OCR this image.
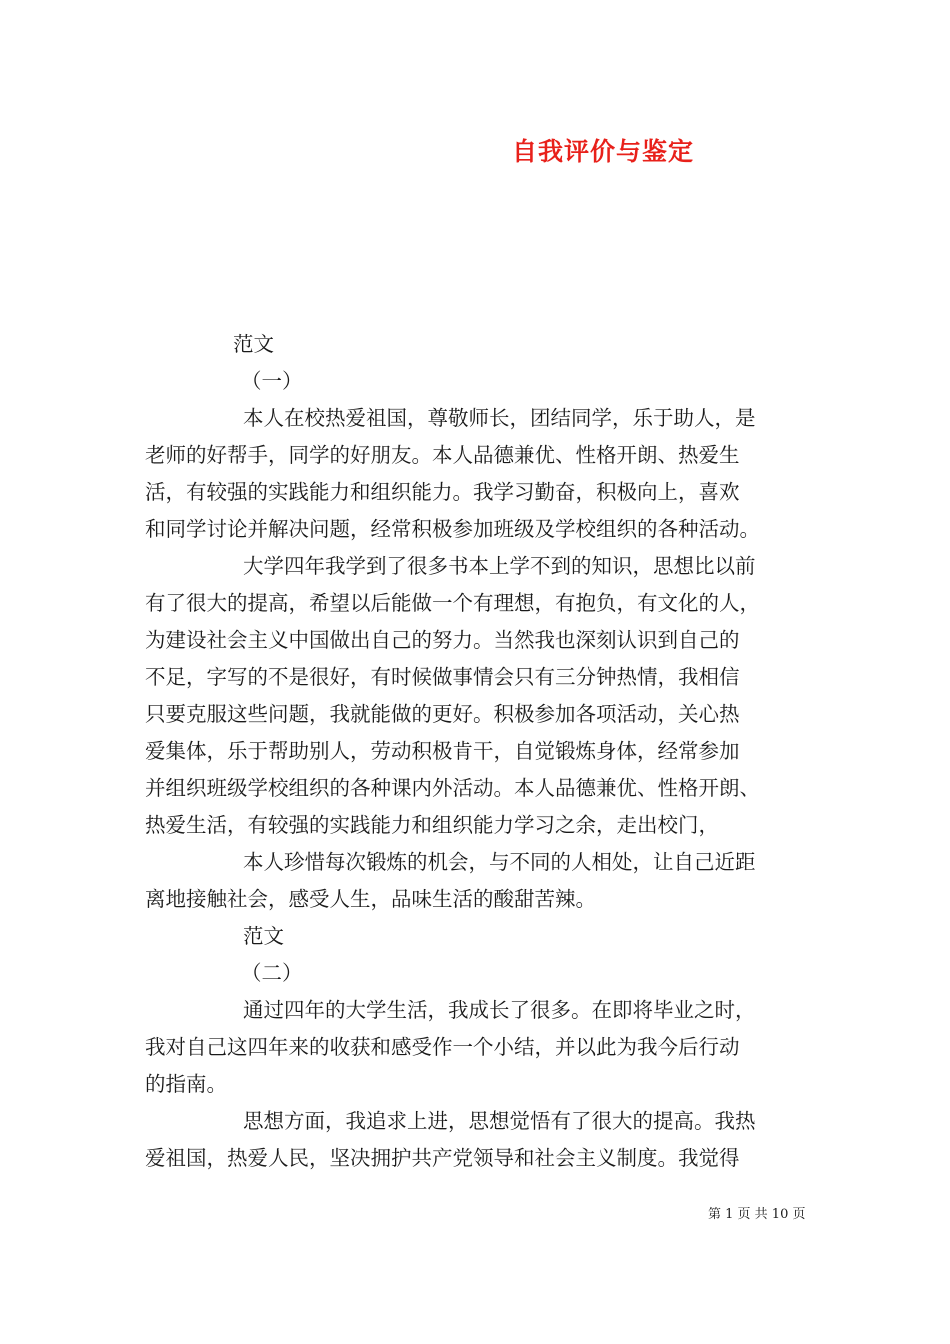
自我评价与鉴定
范文
（一）
本人在校热爱祖国，尊敬师长，团结同学，乐于助人，是
老师的好帮手，同学的好朋友。本人品德兼优、性格开朗、热爱生
活，有较强的实践能力和组织能力。我学习勤奋，积极向上，喜欢
和同学讨论并解决问题，经常积极参加班级及学校组织的各种活动。
大学四年我学到了很多书本上学不到的知识，思想比以前
有了很大的提高，希望以后能做一个有理想，有抱负，有文化的人，
为建设社会主义中国做出自己的努力。当然我也深刻认识到自己的
不足，字写的不是很好，有时候做事情会只有三分钟热情，我相信
只要克服这些问题，我就能做的更好。积极参加各项活动，关心热
爱集体，乐于帮助别人，劳动积极肯干，自觉锻炼身体，经常参加
并组织班级学校组织的各种课内外活动。本人品德兼优、性格开朗、
热爱生活，有较强的实践能力和组织能力学习之余，走出校门，
本人珍惜每次锻炼的机会，与不同的人相处，让自己近距
离地接触社会，感受人生，品味生活的酸甜苦辣。
范文
（二）
通过四年的大学生活，我成长了很多。在即将毕业之时，
我对自己这四年来的收获和感受作一个小结，并以此为我今后行动
的指南。
思想方面，我追求上进，思想觉悟有了很大的提高。我热
爱祖国，热爱人民，坚决拥护共产党领导和社会主义制度。我觉得
第 1 页 共 10 页
